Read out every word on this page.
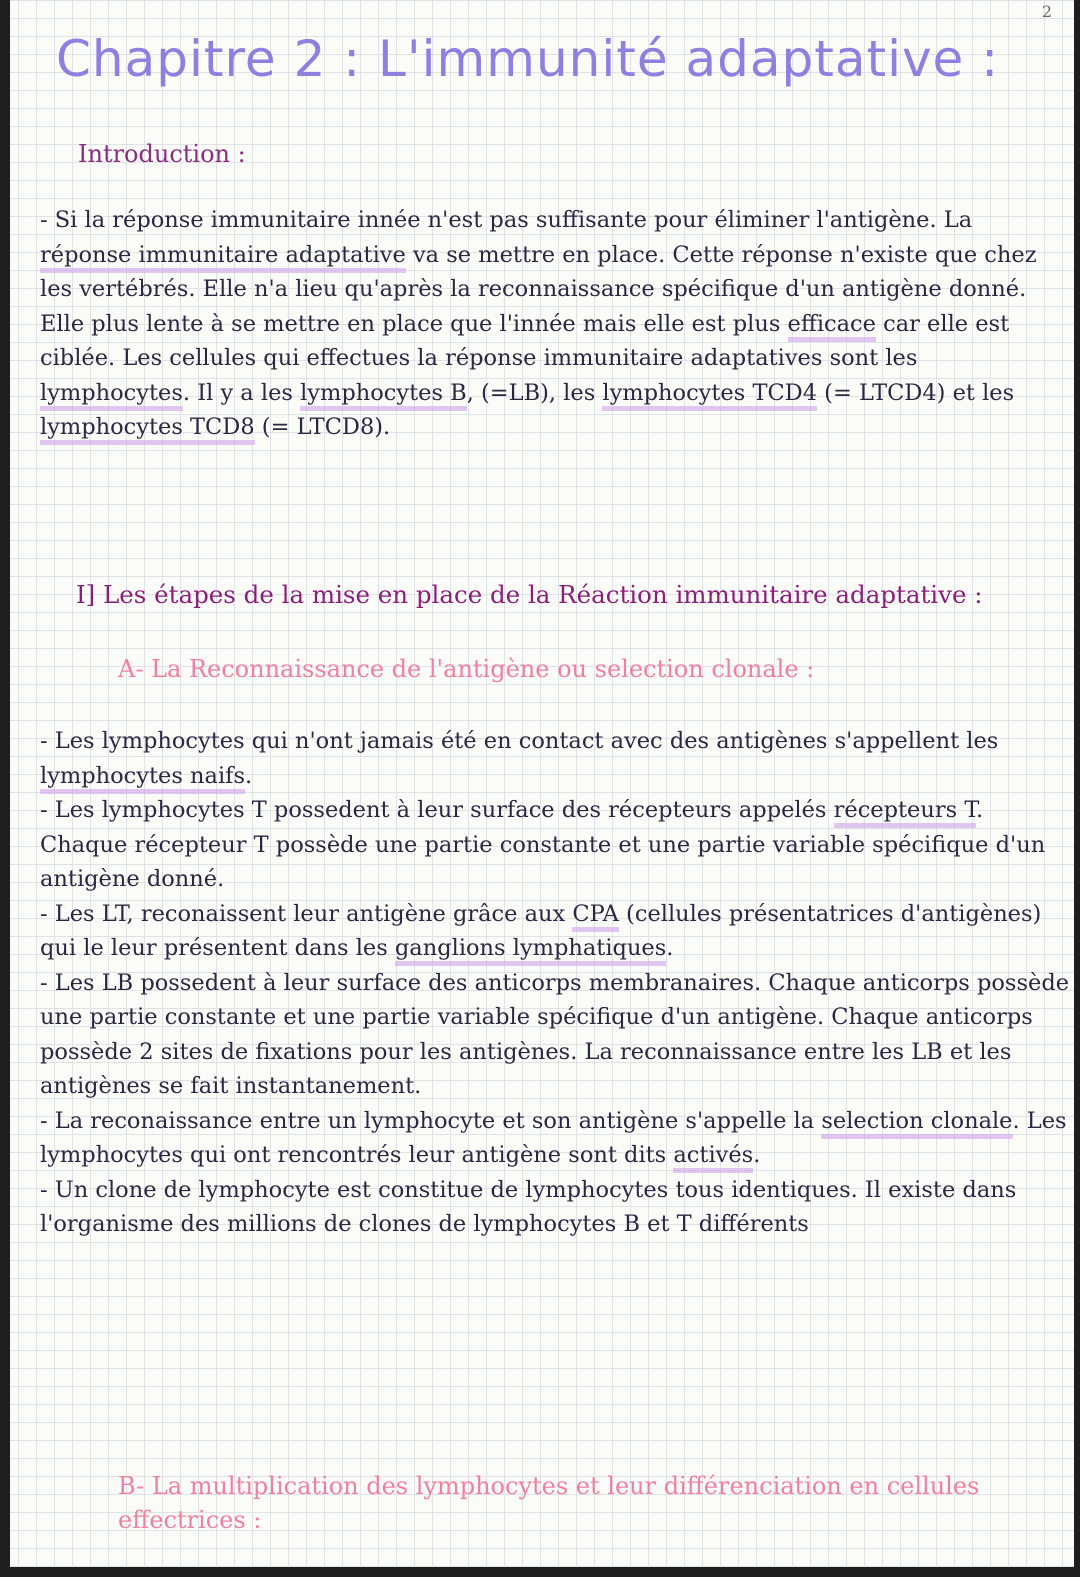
2
Chapitre 2 : L'immunité adaptative :
Introduction :

- Si la réponse immunitaire innée n'est pas suffisante pour éliminer l'antigène. La réponse immunitaire adaptative va se mettre en place. Cette réponse n'existe que chez les vertébrés. Elle n'a lieu qu'après la reconnaissance spécifique d'un antigène donné. Elle plus lente à se mettre en place que l'innée mais elle est plus efficace car elle est ciblée. Les cellules qui effectues la réponse immunitaire adaptatives sont les lymphocytes. Il y a les lymphocytes B, (=LB), les lymphocytes TCD4 (= LTCD4) et les lymphocytes TCD8 (= LTCD8).

I] Les étapes de la mise en place de la Réaction immunitaire adaptative :
A- La Reconnaissance de l'antigène ou selection clonale :

- Les lymphocytes qui n'ont jamais été en contact avec des antigènes s'appellent les lymphocytes naifs.

- Les lymphocytes T possedent à leur surface des récepteurs appelés récepteurs T. Chaque récepteur T possède une partie constante et une partie variable spécifique d'un antigène donné.

- Les LT, reconaissent leur antigène grâce aux CPA (cellules présentatrices d'antigènes) qui le leur présentent dans les ganglions lymphatiques.

- Les LB possedent à leur surface des anticorps membranaires. Chaque anticorps possède une partie constante et une partie variable spécifique d'un antigène. Chaque anticorps possède 2 sites de fixations pour les antigènes. La reconnaissance entre les LB et les antigènes se fait instantanement.

- La reconaissance entre un lymphocyte et son antigène s'appelle la selection clonale. Les lymphocytes qui ont rencontrés leur antigène sont dits activés.

- Un clone de lymphocyte est constitue de lymphocytes tous identiques. Il existe dans l'organisme des millions de clones de lymphocytes B et T différents

B- La multiplication des lymphocytes et leur différenciation en cellules effectrices :
